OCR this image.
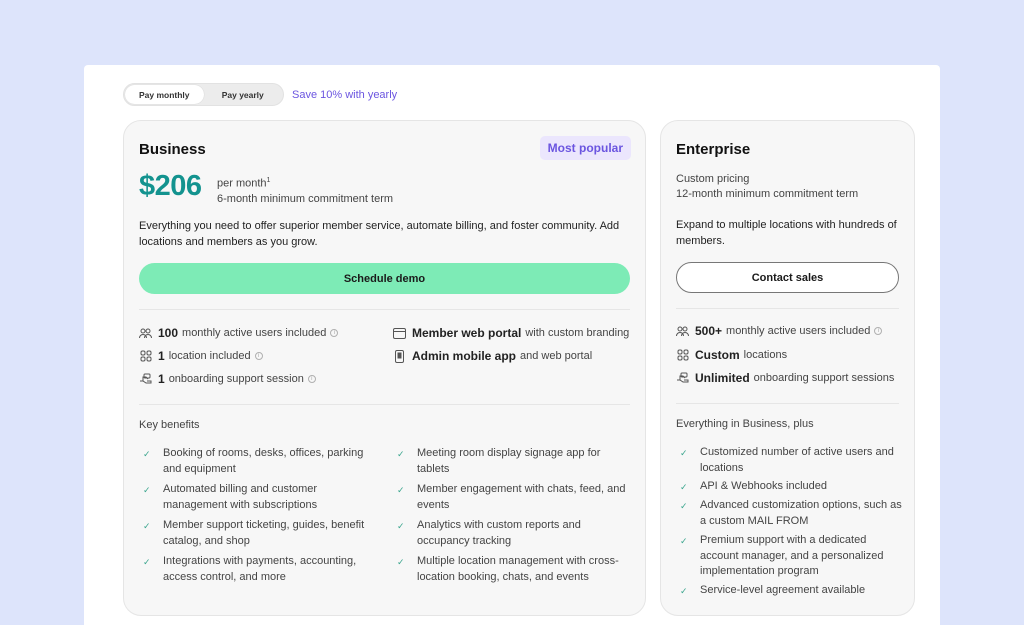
Pay monthly	Pay yearly	Save 10% with yearly
Business	Most popular
$206 per month$^1$
6-month minimum commitment term
Everything you need to offer superior member service, automate billing, and foster community. Add locations and members as you grow.
Schedule demo
100 monthly active users included	i
1 location included	i
1 onboarding support session	i
Member web portal with custom branding
Admin mobile app and web portal
Key benefits
✓ Booking of rooms, desks, offices, parking and equipment
✓ Automated billing and customer management with subscriptions
✓ Member support ticketing, guides, benefit catalog, and shop
✓ Integrations with payments, accounting, access control, and more
✓ Meeting room display signage app for tablets
✓ Member engagement with chats, feed, and events
✓ Analytics with custom reports and occupancy tracking
✓ Multiple location management with cross-location booking, chats, and events
Enterprise
Custom pricing
12-month minimum commitment term
Expand to multiple locations with hundreds of members.
Contact sales
500+ monthly active users included	i
Custom locations
Unlimited onboarding support sessions
Everything in Business, plus
✓ Customized number of active users and locations
✓ API & Webhooks included
✓ Advanced customization options, such as a custom MAIL FROM
✓ Premium support with a dedicated account manager, and a personalized implementation program
✓ Service-level agreement available
